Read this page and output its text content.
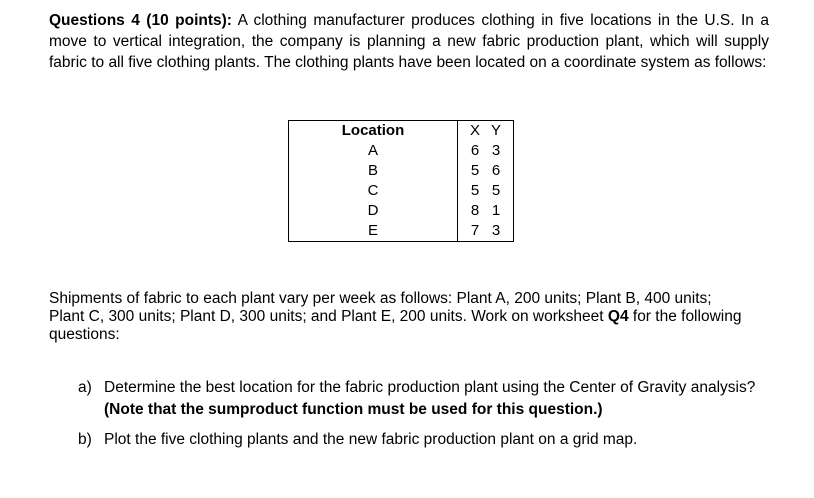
Questions 4 (10 points): A clothing manufacturer produces clothing in five locations in the U.S. In a move to vertical integration, the company is planning a new fabric production plant, which will supply fabric to all five clothing plants. The clothing plants have been located on a coordinate system as follows:
Location	X Y

A	6 3

B	5 6

C	5 5

D	8 1

E	7 3
Shipments of fabric to each plant vary per week as follows: Plant A, 200 units; Plant B, 400 units; Plant C, 300 units; Plant D, 300 units; and Plant E, 200 units. Work on worksheet Q4 for the following questions:
a) Determine the best location for the fabric production plant using the Center of Gravity analysis? (Note that the sumproduct function must be used for this question.)
b) Plot the five clothing plants and the new fabric production plant on a grid map.
